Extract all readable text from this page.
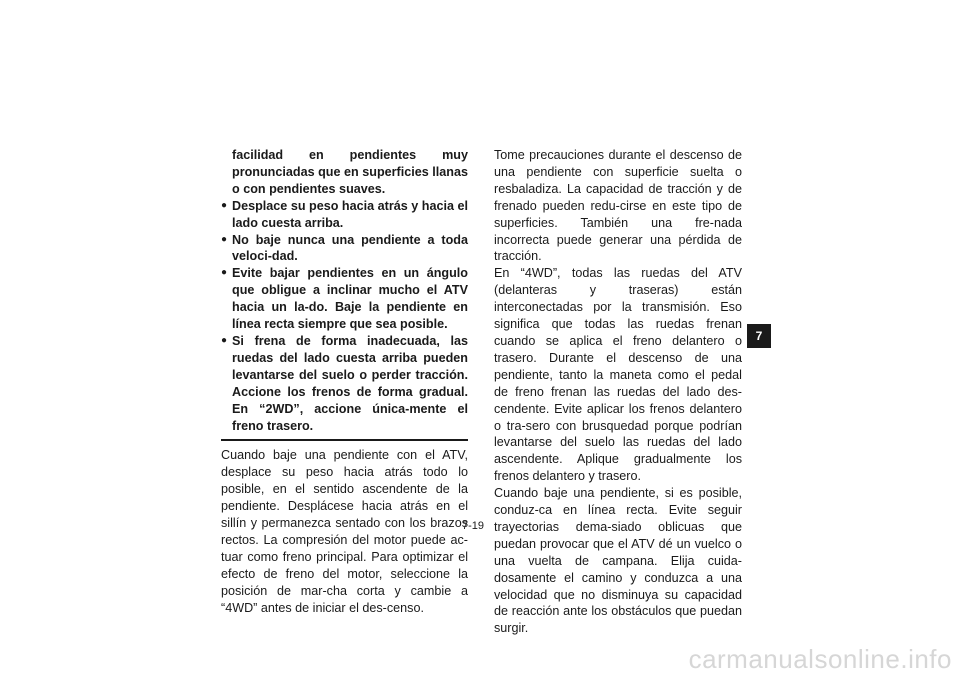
facilidad en pendientes muy pronunciadas que en superficies llanas o con pendientes suaves.
● Desplace su peso hacia atrás y hacia el lado cuesta arriba.
● No baje nunca una pendiente a toda veloci-dad.
● Evite bajar pendientes en un ángulo que obligue a inclinar mucho el ATV hacia un la-do. Baje la pendiente en línea recta siempre que sea posible.
● Si frena de forma inadecuada, las ruedas del lado cuesta arriba pueden levantarse del suelo o perder tracción. Accione los frenos de forma gradual. En “2WD”, accione única-mente el freno trasero.

Cuando baje una pendiente con el ATV, desplace su peso hacia atrás todo lo posible, en el sentido ascendente de la pendiente. Desplácese hacia atrás en el sillín y permanezca sentado con los brazos rectos. La compresión del motor puede ac-tuar como freno principal. Para optimizar el efecto de freno del motor, seleccione la posición de mar-cha corta y cambie a “4WD” antes de iniciar el des-censo.

Tome precauciones durante el descenso de una pendiente con superficie suelta o resbaladiza. La capacidad de tracción y de frenado pueden redu-cirse en este tipo de superficies. También una fre-nada incorrecta puede generar una pérdida de tracción.

En “4WD”, todas las ruedas del ATV (delanteras y traseras) están interconectadas por la transmisión. Eso significa que todas las ruedas frenan cuando se aplica el freno delantero o trasero. Durante el descenso de una pendiente, tanto la maneta como el pedal de freno frenan las ruedas del lado des-cendente. Evite aplicar los frenos delantero o tra-sero con brusquedad porque podrían levantarse del suelo las ruedas del lado ascendente. Aplique gradualmente los frenos delantero y trasero.

Cuando baje una pendiente, si es posible, conduz-ca en línea recta. Evite seguir trayectorias dema-siado oblicuas que puedan provocar que el ATV dé un vuelco o una vuelta de campana. Elija cuida-dosamente el camino y conduzca a una velocidad que no disminuya su capacidad de reacción ante los obstáculos que puedan surgir.

7
7-19
carmanualsonline.info
